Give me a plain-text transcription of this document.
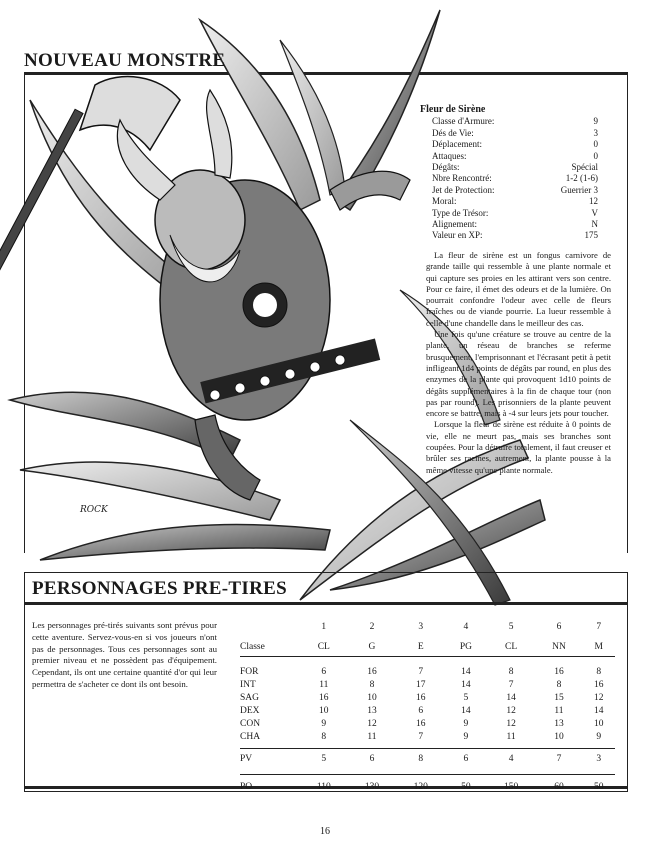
ROCK
NOUVEAU MONSTRE
Fleur de Sirène
Classe d'Armure:	9
Dés de Vie:	3
Déplacement:	0
Attaques:	0
Dégâts:	Spécial
Nbre Rencontré:	1-2 (1-6)
Jet de Protection:	Guerrier 3
Moral:	12
Type de Trésor:	V
Alignement:	N
Valeur en XP:	175

La fleur de sirène est un fongus carnivore de grande taille qui ressemble à une plante normale et qui capture ses proies en les attirant vers son centre. Pour ce faire, il émet des odeurs et de la lumière. On pourrait confondre l'odeur avec celle de fleurs fraîches ou de viande pourrie. La lueur ressemble à celle d'une chandelle dans le meilleur des cas.

Une fois qu'une créature se trouve au centre de la plante, un réseau de branches se referme brusquement, l'emprisonnant et l'écrasant petit à petit infligeant 1d4 points de dégâts par round, en plus des enzymes de la plante qui provoquent 1d10 points de dégâts supplémentaires à la fin de chaque tour (non pas par round). Les prisonniers de la plante peuvent encore se battre, mais à -4 sur leurs jets pour toucher.

Lorsque la fleur de sirène est réduite à 0 points de vie, elle ne meurt pas, mais ses branches sont coupées. Pour la détruire totalement, il faut creuser et brûler ses racines, autrement, la plante pousse à la même vitesse qu'une plante normale.

PERSONNAGES PRE-TIRES
Les personnages pré-tirés suivants sont prévus pour cette aventure. Servez-vous-en si vos joueurs n'ont pas de personnages. Tous ces personnages sont au premier niveau et ne possèdent pas d'équipement. Cependant, ils ont une certaine quantité d'or qui leur permettra de s'acheter ce dont ils ont besoin.
	1	2	3	4	5	6	7
Classe	CL	G	E	PG	CL	NN	M

FOR	6	16	7	14	8	16	8
INT	11	8	17	14	7	8	16
SAG	16	10	16	5	14	15	12
DEX	10	13	6	14	12	11	14
CON	9	12	16	9	12	13	10
CHA	8	11	7	9	11	10	9

PV	5	6	8	6	4	7	3

PO	110	130	120	50	150	60	50
16
